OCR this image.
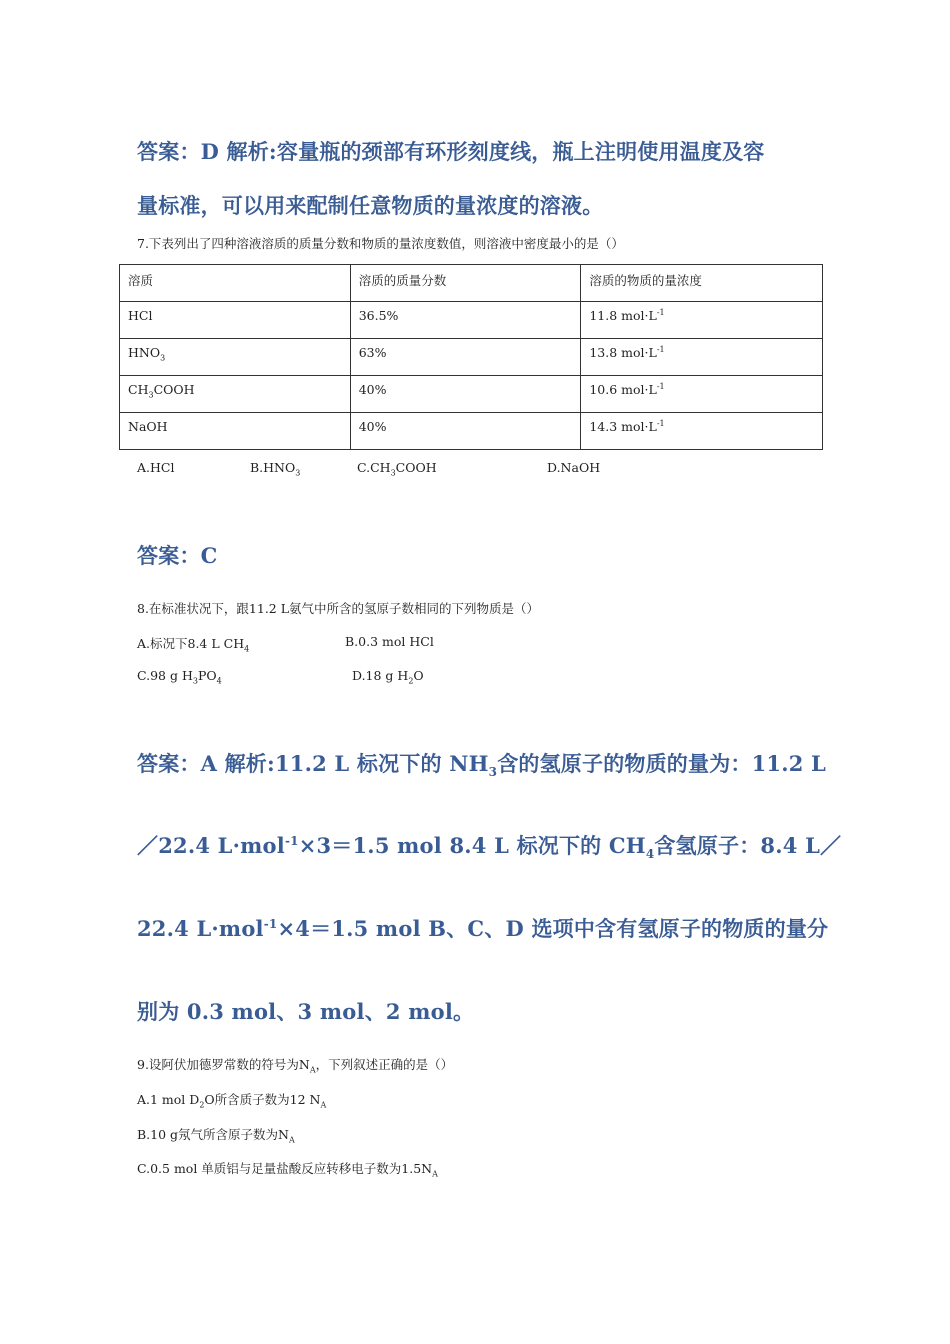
答案：D 解析:容量瓶的颈部有环形刻度线，瓶上注明使用温度及容
量标准，可以用来配制任意物质的量浓度的溶液。
7.下表列出了四种溶液溶质的质量分数和物质的量浓度数值，则溶液中密度最小的是（）
溶质	溶质的质量分数	溶质的物质的量浓度
HCl	36.5%	11.8 $mol\cdot L^{-1}$
$HNO_3$	63%	13.8 $mol\cdot L^{-1}$
$CH_3COOH$	40%	10.6 $mol\cdot L^{-1}$
NaOH	40%	14.3 $mol\cdot L^{-1}$
A.HCl	$B.HNO_3$	$C.CH_3COOH$	D.NaOH
答案：C
8.在标准状况下，跟11.2 L氨气中所含的氢原子数相同的下列物质是（）
A.标况下8.4 L $CH_4$	B.0.3 mol HCl
C.98 g $H_3PO_4$	D.18 g $H_2O$
答案：A 解析:11.2 L 标况下的 $NH_3$含的氢原子的物质的量为：11.2 L
／22.4 L·mol$^{-1}$×3＝1.5 mol 8.4 L 标况下的 $CH_4$含氢原子：8.4 L／
22.4 L·mol$^{-1}$×4＝1.5 mol B、C、D 选项中含有氢原子的物质的量分
别为 0.3 mol、3 mol、2 mol。
9.设阿伏加德罗常数的符号为$N_A$，下列叙述正确的是（）
A.1 mol $D_2O$所含质子数为12 $N_A$
B.10 g氖气所含原子数为$N_A$
C.0.5 mol 单质铝与足量盐酸反应转移电子数为$1.5N_A$
